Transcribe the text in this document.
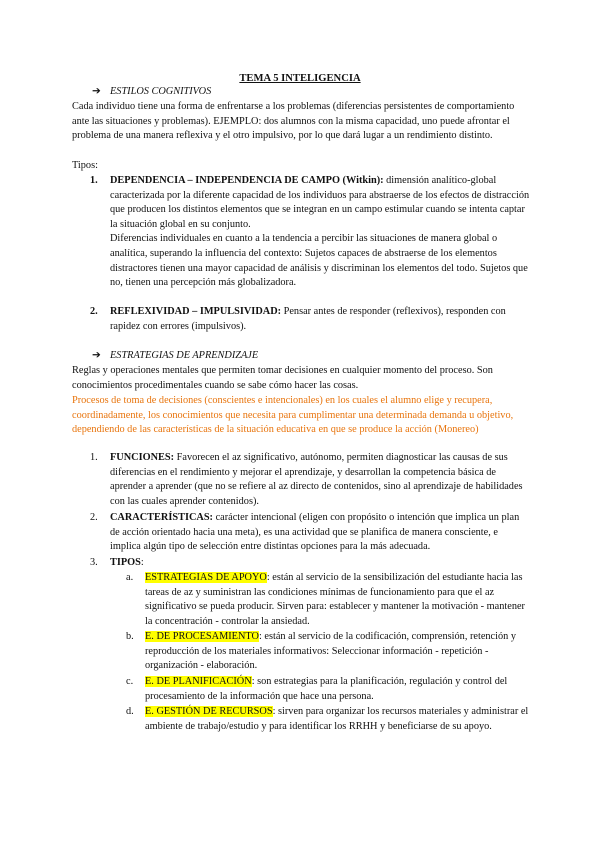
TEMA 5 INTELIGENCIA
➔ ESTILOS COGNITIVOS

Cada individuo tiene una forma de enfrentarse a los problemas (diferencias persistentes de comportamiento ante las situaciones y problemas). EJEMPLO: dos alumnos con la misma capacidad, uno puede afrontar el problema de una manera reflexiva y el otro impulsivo, por lo que dará lugar a un rendimiento distinto.

Tipos:

1. DEPENDENCIA – INDEPENDENCIA DE CAMPO (Witkin): dimensión analítico-global caracterizada por la diferente capacidad de los individuos para abstraerse de los efectos de distracción que producen los distintos elementos que se integran en un campo estimular cuando se intenta captar la situación global en su conjunto.

Diferencias individuales en cuanto a la tendencia a percibir las situaciones de manera global o analítica, superando la influencia del contexto: Sujetos capaces de abstraerse de los elementos distractores tienen una mayor capacidad de análisis y discriminan los elementos del todo. Sujetos que no, tienen una percepción más globalizadora.

2. REFLEXIVIDAD – IMPULSIVIDAD: Pensar antes de responder (reflexivos), responden con rapidez con errores (impulsivos).

➔ ESTRATEGIAS DE APRENDIZAJE

Reglas y operaciones mentales que permiten tomar decisiones en cualquier momento del proceso. Son conocimientos procedimentales cuando se sabe cómo hacer las cosas.

Procesos de toma de decisiones (conscientes e intencionales) en los cuales el alumno elige y recupera, coordinadamente, los conocimientos que necesita para cumplimentar una determinada demanda u objetivo, dependiendo de las características de la situación educativa en que se produce la acción (Monereo)

1. FUNCIONES: Favorecen el az significativo, autónomo, permiten diagnosticar las causas de sus diferencias en el rendimiento y mejorar el aprendizaje, y desarrollan la competencia básica de aprender a aprender (que no se refiere al az directo de contenidos, sino al aprendizaje de habilidades con las cuales aprender contenidos).

2. CARACTERÍSTICAS: carácter intencional (eligen con propósito o intención que implica un plan de acción orientado hacia una meta), es una actividad que se planifica de manera consciente, e implica algún tipo de selección entre distintas opciones para la más adecuada.

3. TIPOS:

a. ESTRATEGIAS DE APOYO: están al servicio de la sensibilización del estudiante hacia las tareas de az y suministran las condiciones mínimas de funcionamiento para que el az significativo se pueda producir. Sirven para: establecer y mantener la motivación - mantener la concentración - controlar la ansiedad.

b. E. DE PROCESAMIENTO: están al servicio de la codificación, comprensión, retención y reproducción de los materiales informativos: Seleccionar información - repetición - organización - elaboración.

c. E. DE PLANIFICACIÓN: son estrategias para la planificación, regulación y control del procesamiento de la información que hace una persona.

d. E. GESTIÓN DE RECURSOS: sirven para organizar los recursos materiales y administrar el ambiente de trabajo/estudio y para identificar los RRHH y beneficiarse de su apoyo.
